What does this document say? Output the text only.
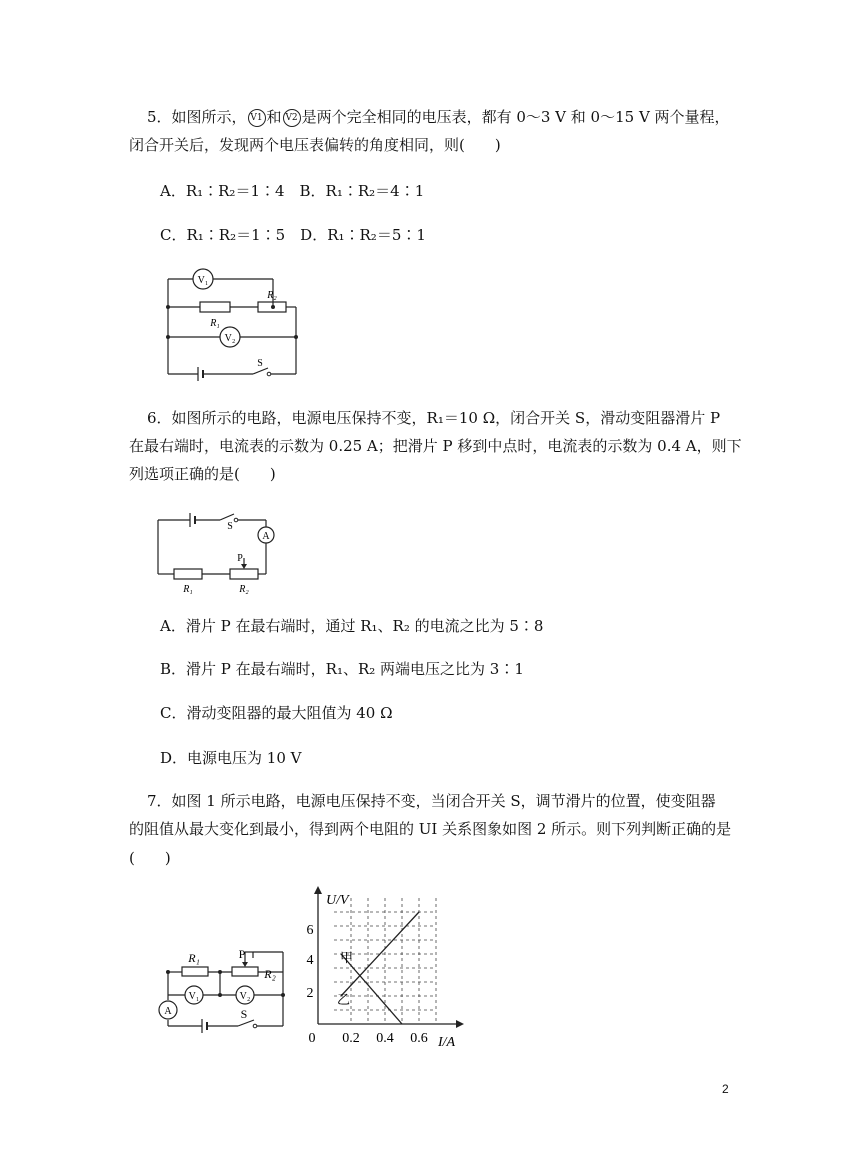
5．如图所示， V1 和 V2 是两个完全相同的电压表，都有 0～3 V 和 0～15 V 两个量程，
闭合开关后，发现两个电压表偏转的角度相同，则(　　)
A．R₁∶R₂＝1∶4　B．R₁∶R₂＝4∶1
C．R₁∶R₂＝1∶5　D．R₁∶R₂＝5∶1
V₁
V₂
R₁
R₂
S
6．如图所示的电路，电源电压保持不变，R₁＝10 Ω，闭合开关 S，滑动变阻器滑片 P
在最右端时，电流表的示数为 0.25 A；把滑片 P 移到中点时，电流表的示数为 0.4 A，则下
列选项正确的是(　　)
A
S
P
R₁	R₂
A．滑片 P 在最右端时，通过 R₁、R₂ 的电流之比为 5∶8
B．滑片 P 在最右端时，R₁、R₂ 两端电压之比为 3∶1
C．滑动变阻器的最大阻值为 40 Ω
D．电源电压为 10 V
7．如图 1 所示电路，电源电压保持不变，当闭合开关 S，调节滑片的位置，使变阻器
的阻值从最大变化到最小，得到两个电阻的 UI 关系图象如图 2 所示。则下列判断正确的是
(　　)
R₁	P
R₂
V₁	V₂
A	S
U/V
I/A
6
4
2
0 0.2 0.4 0.6
甲
乙
2
